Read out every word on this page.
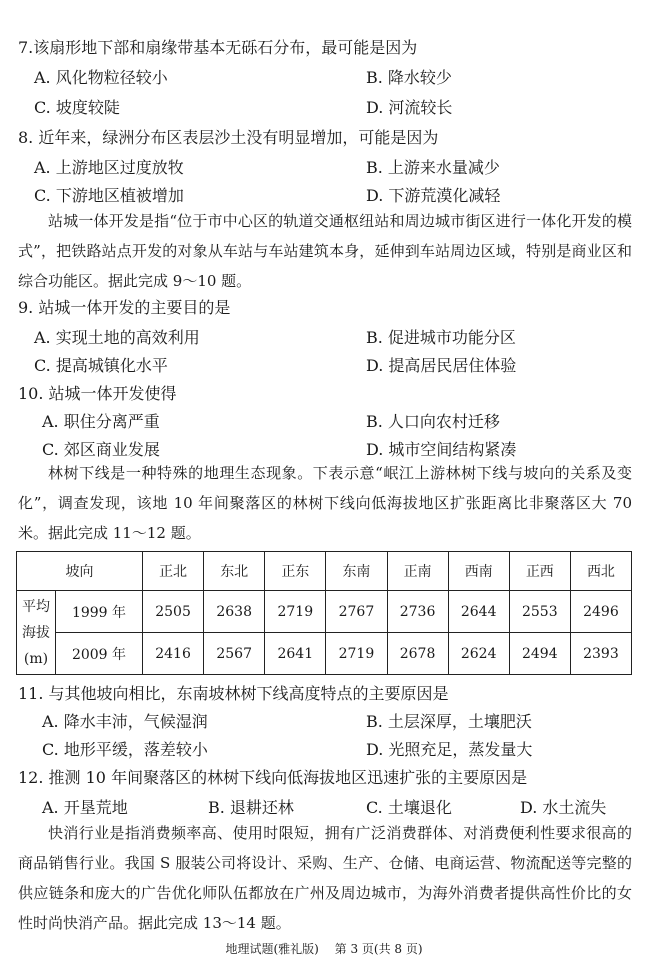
7.该扇形地下部和扇缘带基本无砾石分布，最可能是因为
A. 风化物粒径较小	B. 降水较少
C. 坡度较陡	D. 河流较长
8. 近年来，绿洲分布区表层沙土没有明显增加，可能是因为
A. 上游地区过度放牧	B. 上游来水量减少
C. 下游地区植被增加	D. 下游荒漠化减轻

站城一体开发是指“位于市中心区的轨道交通枢纽站和周边城市街区进行一体化开发的模式”，把铁路站点开发的对象从车站与车站建筑本身，延伸到车站周边区域，特别是商业区和综合功能区。据此完成 9～10 题。

9. 站城一体开发的主要目的是
A. 实现土地的高效利用	B. 促进城市功能分区
C. 提高城镇化水平	D. 提高居民居住体验
10. 站城一体开发使得
A. 职住分离严重	B. 人口向农村迁移
C. 郊区商业发展	D. 城市空间结构紧凑

林树下线是一种特殊的地理生态现象。下表示意“岷江上游林树下线与坡向的关系及变化”，调查发现，该地 10 年间聚落区的林树下线向低海拔地区扩张距离比非聚落区大 70 米。据此完成 11～12 题。

坡向		正北	东北	正东	东南	正南	西南	正西	西北

平均
海拔
(m)	1999 年	2505	2638	2719	2767	2736	2644	2553	2496
	2009 年	2416	2567	2641	2719	2678	2624	2494	2393
11. 与其他坡向相比，东南坡林树下线高度特点的主要原因是
A. 降水丰沛，气候湿润	B. 土层深厚，土壤肥沃
C. 地形平缓，落差较小	D. 光照充足，蒸发量大
12. 推测 10 年间聚落区的林树下线向低海拔地区迅速扩张的主要原因是
A. 开垦荒地	B. 退耕还林	C. 土壤退化	D. 水土流失

快消行业是指消费频率高、使用时限短，拥有广泛消费群体、对消费便利性要求很高的商品销售行业。我国 S 服装公司将设计、采购、生产、仓储、电商运营、物流配送等完整的供应链条和庞大的广告优化师队伍都放在广州及周边城市，为海外消费者提供高性价比的女性时尚快消产品。据此完成 13～14 题。

地理试题(雅礼版) 第 3 页(共 8 页)
